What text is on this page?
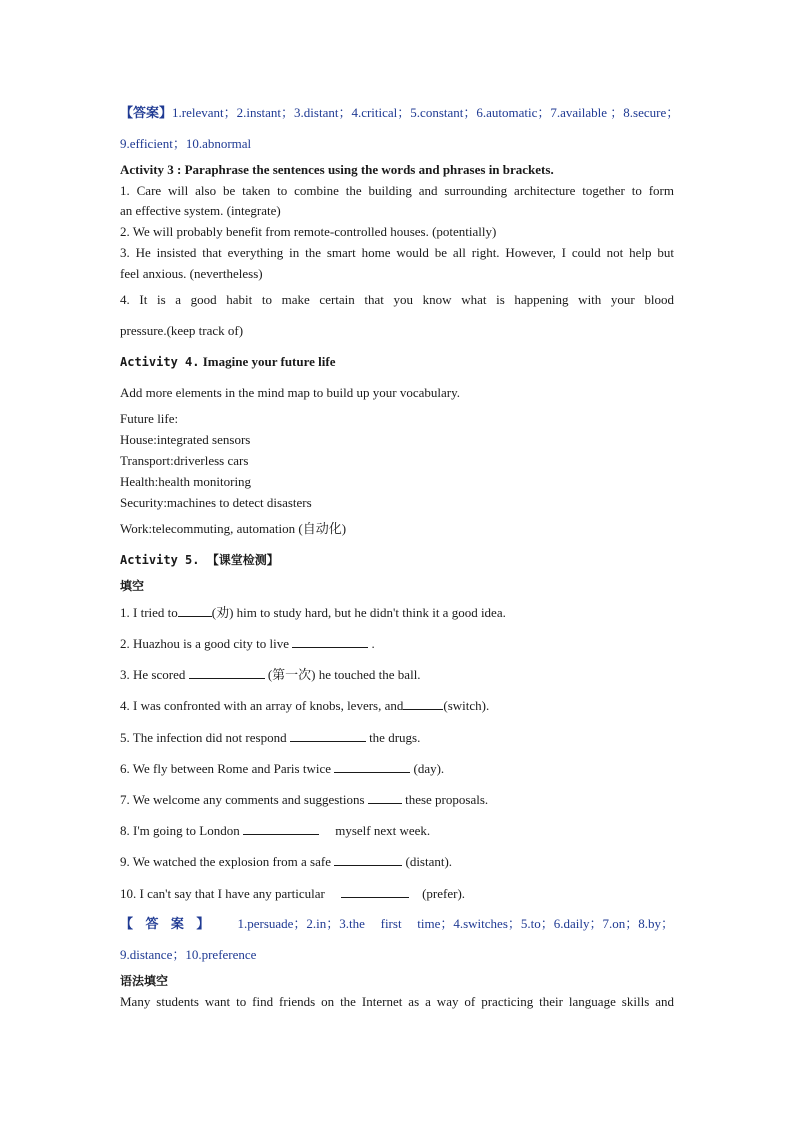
【答案】1.relevant；2.instant；3.distant；4.critical；5.constant；6.automatic；7.available ；8.secure；
9.efficient；10.abnormal
Activity 3 : Paraphrase the sentences using the words and phrases in brackets.
1. Care will also be taken to combine the building and surrounding architecture together to form
an effective system. (integrate)
2. We will probably benefit from remote-controlled houses. (potentially)
3. He insisted that everything in the smart home would be all right. However, I could not help but
feel anxious. (nevertheless)
4. It is a good habit to make certain that you know what is happening with your blood
pressure.(keep track of)
Activity 4. Imagine your future life
Add more elements in the mind map to build up your vocabulary.
Future life:
House:integrated sensors
Transport:driverless cars
Health:health monitoring
Security:machines to detect disasters
Work:telecommuting, automation (自动化)
Activity 5. 【课堂检测】
填空
1. I tried to	(劝) him to study hard, but he didn't think it a good idea.
2. Huazhou is a good city to live	.
3. He scored	(第一次) he touched the ball.
4. I was confronted with an array of knobs, levers, and	(switch).
5. The infection did not respond	the drugs.
6. We fly between Rome and Paris twice	(day).
7. We welcome any comments and suggestions	these proposals.
8. I'm going to London	myself next week.
9. We watched the explosion from a safe	(distant).
10. I can't say that I have any particular	(prefer).
【答案】 1.persuade；2.in；3.the first time；4.switches；5.to；6.daily；7.on；8.by；
9.distance；10.preference
语法填空
Many students want to find friends on the Internet as a way of practicing their language skills and
